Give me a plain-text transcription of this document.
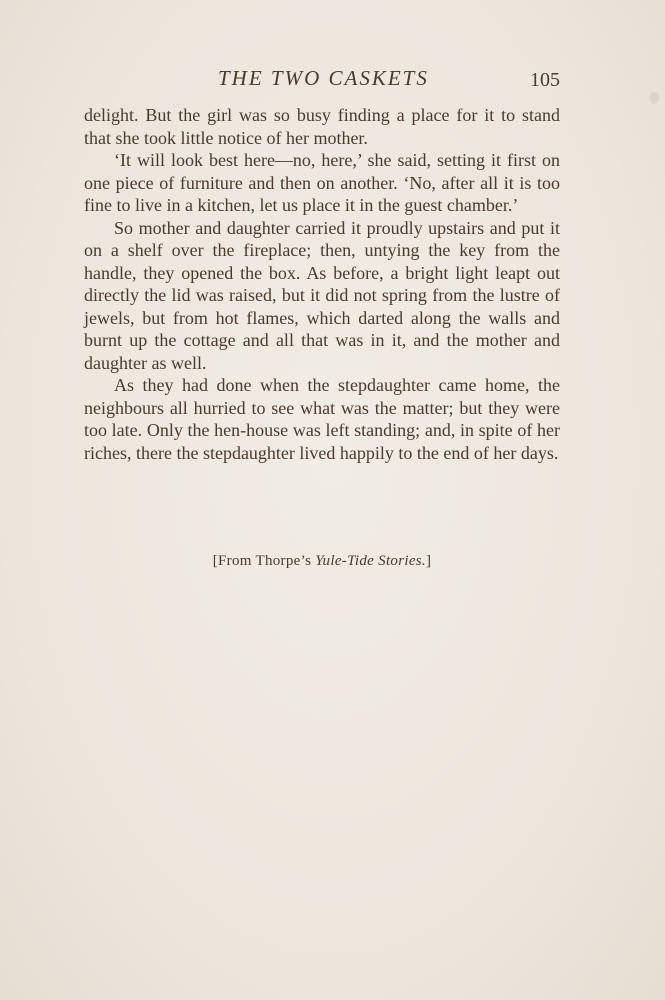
THE TWO CASKETS	105

delight. But the girl was so busy finding a place for it to stand that she took little notice of her mother.

‘It will look best here—no, here,’ she said, setting it first on one piece of furniture and then on another. ‘No, after all it is too fine to live in a kitchen, let us place it in the guest chamber.’

So mother and daughter carried it proudly upstairs and put it on a shelf over the fireplace; then, untying the key from the handle, they opened the box. As before, a bright light leapt out directly the lid was raised, but it did not spring from the lustre of jewels, but from hot flames, which darted along the walls and burnt up the cottage and all that was in it, and the mother and daughter as well.

As they had done when the stepdaughter came home, the neighbours all hurried to see what was the matter; but they were too late. Only the hen-house was left standing; and, in spite of her riches, there the stepdaughter lived happily to the end of her days.

[From Thorpe’s Yule-Tide Stories.]
